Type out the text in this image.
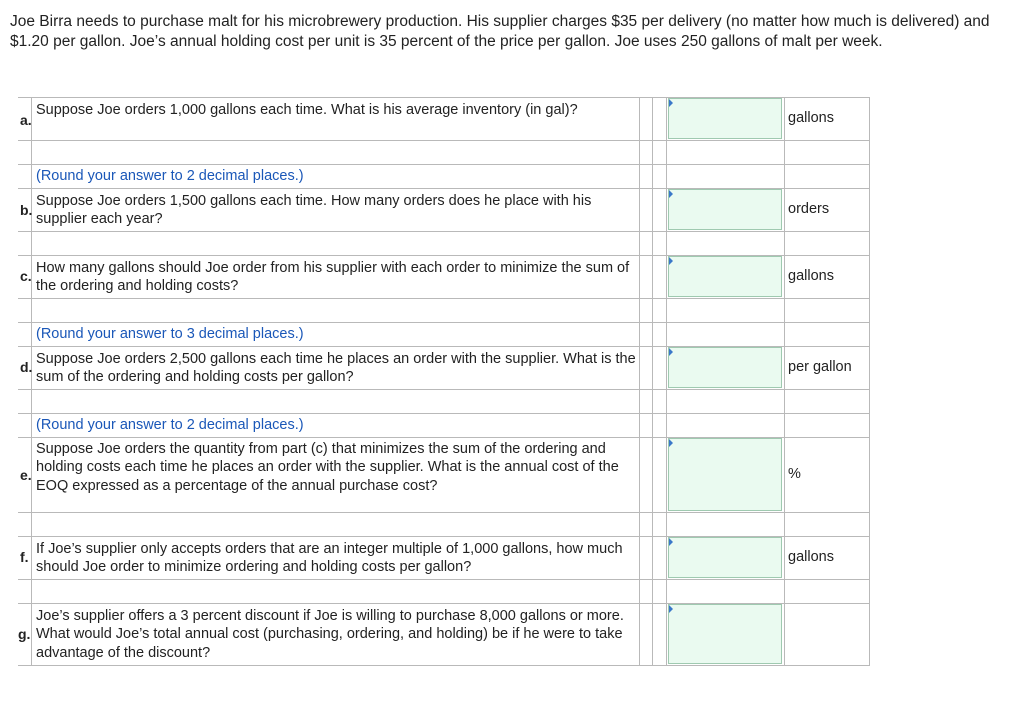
Joe Birra needs to purchase malt for his microbrewery production. His supplier charges $35 per delivery (no matter how much is delivered) and $1.20 per gallon. Joe’s annual holding cost per unit is 35 percent of the price per gallon. Joe uses 250 gallons of malt per week.

a.

Suppose Joe orders 1,000 gallons each time. What is his average inventory (in gal)?	gallons

(Round your answer to 2 decimal places.)

b.

Suppose Joe orders 1,500 gallons each time. How many orders does he place with his supplier each year?

orders

c. How many gallons should Joe order from his supplier with each order to minimize the sum of the ordering and holding costs?

gallons

(Round your answer to 3 decimal places.)

d. Suppose Joe orders 2,500 gallons each time he places an order with the supplier. What is the sum of the ordering and holding costs per gallon?

per gallon

(Round your answer to 2 decimal places.)

e.

Suppose Joe orders the quantity from part (c) that minimizes the sum of the ordering and holding costs each time he places an order with the supplier. What is the annual cost of the EOQ expressed as a percentage of the annual purchase cost?

%

f. If Joe’s supplier only accepts orders that are an integer multiple of 1,000 gallons, how much should Joe order to minimize ordering and holding costs per gallon?

gallons

g.

Joe’s supplier offers a 3 percent discount if Joe is willing to purchase 8,000 gallons or more. What would Joe’s total annual cost (purchasing, ordering, and holding) be if he were to take advantage of the discount?
